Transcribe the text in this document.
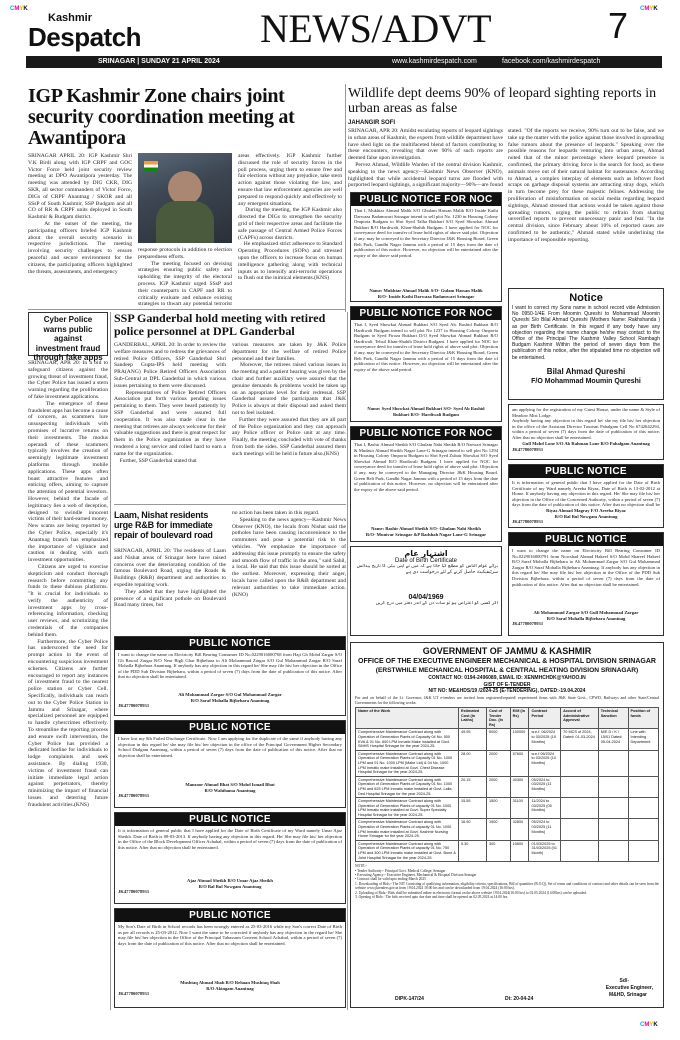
CMYK
Kashmir
Despatch	NEWS/ADVT	7
SRINAGAR | SUNDAY 21 APRIL 2024	www.kashmirdespatch.com	facebook.com/kashmirdespatch
IGP Kashmir Zone chairs joint security coordination meeting at Awantipora
SRINAGAR APRIL 20: IGP Kashmir Shri V.K Birdi along with IGP CRPF and GOC Victor Force held joint security review meeting at DPO Awantipora yesterday. The meeting was attended by DIG CKR, DIG SKR, all sector commanders of Victor Force, DIGs of CRPF Anantnag / SKOR and all SSsP of South Kashmir, SSP Budgam and all CO of RR & CRPF units deployed in South Kashmir & Budgam district.
At the outset of the meeting, the participating officers briefed IGP Kashmir about the overall security scenario in respective jurisdictions. The meeting involving security challenges to ensure peaceful and secure environment for the citizens, the participating officers highlighted the threats, assessments, and emergency
response protocols in addition to election preparedness efforts.
The meeting focused on devising strategies ensuring public safety and upholding the integrity of the electoral process. IGP Kashmir urged SSsP and their counterparts in CAPF and RR to critically evaluate and enhance existing strategies to thwart any potential terrorist
areas effectively. IGP Kashmir further discussed the role of security forces in the poll process, urging them to ensure free and fair elections without any prejudice, take stern action against those violating the law, and ensure that law enforcement agencies are well prepared to respond quickly and effectively to any emergent situations.
During the meeting, the IGP Kashmir also directed the DIGs to strengthen the security grid of their respective areas and facilitate the safe passage of Central Armed Police Forces (CAPFs) across districts.
He emphasized strict adherence to Standard Operating Procedures (SOPs) and stressed upon the officers to increase focus on human intelligence gathering along with technical inputs as to intensify anti-terrorist operations to flush out the inimical elements.(KNS)
Wildlife dept deems 90% of leopard sighting reports in urban areas as false
JAHANGIR SOFI
SRINAGAR, APR 20: Amidst escalating reports of leopard sightings in urban areas of Kashmir, the experts from wildlife department have have shed light on the multifaceted blend of factors contributing to these encounters, revealing that over 90% of such reports are deemed false upon investigation.
Pervez Ahmad, Wildlife Warden of the central division Kashmir, speaking to the news agency—Kashmir News Observer (KNO), highlighted that while accidental leopard turns are flooded with purported leopard sightings, a significant majority—90%—are found

stated. "Of the reports we receive, 90% turn out to be false, and we take up the matter with the police against those involved in spreading false rumors about the presence of leopards." Speaking over the possible reasons for leopards venturing into urban areas, Ahmad noted that of the minor percentage where leopard presence is confirmed, the primary driving force is the search for food, as these animals move out of their natural habitat for sustenance. According to Ahmad, a complex interplay of elements such as leftover food scraps on garbage disposal systems are attracting stray dogs, which in turn become prey for these majestic felines. Addressing the proliferation of misinformation on social media regarding leopard sightings, Ahmad stressed that actions would be taken against those spreading rumors, urging the public to refrain from sharing unverified reports to prevent unnecessary panic and fear. "In the central division, since February about 10% of reported cases are confirmed to be authentic," Ahmad stated while underlining the importance of responsible reporting.
PUBLIC NOTICE FOR NOC
That I, Mukhtar Ahmad Malik S/O Ghulam Hassan Malik R/O Inside Kathi Darwaza Badamwari Srinagar intend to sell plot No. 1230 in Housing Colony Omporia Budgam to Shri Syed Talha Bukhari S/O Syed Showkat Ahmad Bukhari R/O Hardiwali, Khan-Shahib Budgam. I have applied for NOC for conveyance deed for transfer of lease hold rights of above said plot. Objection if any, may be conveyed to the Secretary Director J&K Housing Board, Green Belt Park, Gandhi Nagar Jammu with a period of 15 days from the date of publication of this notice. However, no objection will be entertained after the expiry of the above said period.
Name: Mukhtar Ahmad Malik S/O- Gulam Hassan Malik
R/O- Inside Kathi Darwaza Badamwari Srinagar
PUBLIC NOTICE FOR NOC
That I, Syed Showkat Ahmad Bukhari S/O Syed Ab. Rashid Bukhari R/O Hardiwali Budgam intend to sell plot No 1237 in Housing Colony Omporia Budgam to Syed Firoza Bukhari D/O Syed Showkat Ahmad Bukhari R/O Hardiwali, Tehsil Khan-Shahib District Budgam. I have applied for NOC for conveyance deed for transfer of lease hold rights of above said plot. Objection if any, may be conveyed to the Secretary Director J&K Housing Board, Green Belt Park, Gandhi Nagar Jammu with a period of 15 days from the date of publication of this notice. However, no objection will be entertained after the expiry of the above said period.
Name: Syed Showkat Ahmad Bukhari S/O- Syed Ab Rashid
Bukhari R/O- Hardiwali Budgam
PUBLIC NOTICE FOR NOC
That I, Bashir Ahmad Sheikh S/O Ghulam Nabi Sheikh R/O Narwari Srinagar & Mudasir Ahmad Sheikh Nagar Lane-G Srinagar intend to sell plot No 1294 in Housing Colony Omporia Budgam to Shri Syed Zubair Showkat S/O Syed Showkat Ahmad R/O Hardiwali Budgam. I have applied for NOC for conveyance deed for transfer of lease hold rights of above said plot. Objection if any, may be conveyed to the Managing Director J&K Housing Board, Green Belt Park, Gandhi Nagar Jammu with a period of 15 days from the date of publication of this notice. However, no objection will be entertained after the expiry of the above said period.
Name: Bashir Ahmad Sheikh S/O- Ghulam Nabi Sheikh
R/O- Munivar Srinagar &P Badshah Nagar Lane-G Srinagar
اشتہار عام
Date of Birth Certificate
برائے عوام الناس کو مطلع کیا جاتا ہے کہ میں نے اپنی بیٹی کا تاریخ پیدائش سرٹیفیکیٹ حاصل کرنے کے لئے درخواست دی ہے
04/04/1969
اگر کسی کو اعتراض ہو تو سات دن کے اندر دفتر میں درج کریں
Notice
I want to correct my Sons name in school record vide Admission No 0950-1/4E From Moomin Qureshi to Mohammad Moomin Qureshi S/o Bilal Ahmad Qureshi (Mothers Name: Rakhshanda ) as per Birth Certificate. In this regard if any body have any objection regarding the name change he/she may contact to the Office of the Principal The Kashmir Valley School Rambagh Budgam Kashmir Within the period of seven days from the publication of this notice, after the stipulated time no objection will be entertained.
Bilal Ahmad Qureshi
F/O Mohammad Moumin Qureshi
am applying for the registration of my Guest House, under the name & Style of Meadow Mist Lodge.
Anybody having any objection in this regard he/ she my file his/ her objection in the office of the Assistant Director Tourism Pahalgam Cell No 6742642294, within a period of seven (7) days from the date of publication of this notice. After that no objection shall be entertained.
Gull Mohd Lone S/O Ab Rahman Lone R/O Pahalgam Anantnag
JK47780078931
PUBLIC NOTICE
It is information of general public that I have applied for the Date of Birth Certificate of my Ward namely Areeba Riyaz, Date of Birth is 13-02-2012 at Home. If anybody having any objection in this regard. He/ She may file his/ her objection in the Office of the Concerned Authority, within a period of seven (7) days from the date of publication of this notice. After that no objection shall be
Riyaz Ahmad Magray F/O Areeba Riyaz
R/O Bal Bul Nowgam Anantnag
JK47780078931
PUBLIC NOTICE
I want to change the name on Electricity Bill Bearing Consumer ID No.0229016000791 from Nowshad Ahmad Hakeel S/O Mohd Shareef Hakeel R/O Saraf Mohalla Bijbehara to Ali Mohammad Zargar S/O Gul Mohammad Zargar R/O Saraf Mohalla Bijbehara Anantnag. If anybody has any objection in this regard he/ She may file his/ her objection in the Office of the PDD Sub Division Bijbehara, within a period of seven (7) days from the date of publication of this notice. After that no objection shall be entertained.
Ali Mohammad Zargar S/O Gull Mohammad Zargar
R/O Saraf Mohalla Bijbehara Anantnag
JK47780078931
Cyber Police warns public against investment fraud through fake apps
SRINAGAR, APR 20: In a bid to safeguard citizens against the growing threat of investment fraud, the Cyber Police has issued a stern warning regarding the proliferation of fake investment applications.
The emergence of these fraudulent apps has become a cause of concern, as scammers lure unsuspecting individuals with promises of lucrative returns on their investments. The modus operandi of these scammers typically involves the creation of seemingly legitimate investment platforms through mobile applications. These apps often boast attractive features and enticing offers, aiming to capture the attention of potential investors. However, behind the facade of legitimacy lies a web of deception, designed to swindle innocent victims of their hard-earned money. New scams are being reported by the Cyber Police, especially it's Anantnag branch has emphasized the importance of vigilance and caution in dealing with such investment opportunities.
Citizens are urged to exercise skepticism and conduct thorough research before committing any funds to these dubious platforms. "It is crucial for individuals to verify the authenticity of investment apps by cross-referencing information, checking user reviews, and scrutinizing the credentials of the companies behind them.
Furthermore, the Cyber Police has underscored the need for prompt action in the event of encountering suspicious investment schemes. Citizens are further encouraged to report any instances of investment fraud to the nearest police station or Cyber Cell. Specifically, individuals can reach out to the Cyber Police Station in Jammu and Srinagar, where specialized personnel are equipped to handle cybercrimes effectively. To streamline the reporting process and ensure swift intervention, the Cyber Police has provided a dedicated hotline for individuals to lodge complaints and seek assistance. By dialing 1930, victims of investment fraud can initiate immediate legal action against perpetrators, thereby minimizing the impact of financial losses and deterring future fraudulent activities.(KNS)
SSP Ganderbal hold meeting with retired police personnel at DPL Ganderbal
GANDERBAL, APRIL 20: In order to review the welfare measures and to redress the grievances of retired Police Officers, SSP Ganderbal Shri Sandeep Gupta-IPS held meeting with PRA(ANG) Police Retired Officers Association Sub-Central at DPL Ganderbal in which various issues pertaining to them were discussed.
Representatives of Police Retired Officers Association put forth various pending issues pertaining to them. They were heard patiently by SSP Ganderbal and were assured full cooperation. It was also made clear in the meeting that retirees are always welcome for their valuable suggestions and there is great respect for them in the Police organization as they have rendered a long service and rolled hard to earn a name for the organization.
Further, SSP Ganderbal stated that
various measures are taken by J&K Police department for the welfare of retired Police personnel and their families.
Moreover, the retirees raised various issues in the meeting and a patient hearing was given by the chair and further auxiliary were assured that the genuine demands & problems would be taken up on an appropriate level for their redressal. SSP Ganderbal assured the participants that J&K Police is always at their disposal and asked them not to feel isolated.
Further they were assured that they are all part of the Police organization and they can approach any Police officer or Police unit at any time. Finally, the meeting concluded with vote of thanks from both the sides. SSP Ganderbal assured them such meetings will be held in future also.(KNS)
Laam, Nishat residents urge R&B for immediate repair of boulevard road
SRINAGAR, APRIL 20: The residents of Laam and Nishat areas of Srinagar here have raised concerns over the deteriorating condition of the famous Boulevard Road, urging the Roads & Buildings (R&B) department and authorities to expedite repairing work.
They added that they have highlighted the presence of a significant pothole on Boulevard Road many times, but
no action has been taken in this regard.
Speaking to the news agency—Kashmir News Observer (KNO), the locals from Nishat said the potholes have been causing inconvenience to the commuters and pose a potential risk to the vehicles. "We emphasize the importance of addressing this issue promptly to ensure the safety and smooth flow of traffic in the area," said Sahil, a local. He said that this issue should be sorted at the earliest. Moreover, expressing their anger, locals have called upon the R&B department and relevant authorities to take immediate action.(KNO)
PUBLIC NOTICE
I want to change the name on Electricity Bill Bearing Consumer ID No.0229016000768 from Haji Gh Mohd Zargar S/O Gh Rasool Zargar R/O Near Bigli Ghar Bijbehara to Ali Mohammad Zargar S/O Gul Mohammad Zargar R/O Saraf Mohalla Bijbehara Anantnag. If anybody has any objection in this regard he/ She may file his/ her objection in the Office of the PDD Sub Division Bijbehara, within a period of seven (7) days from the date of publication of this notice. After that no objection shall be entertained.
Ali Mohammad Zargar S/O Gul Mohammad Zargar
R/O Saraf Mohalla Bijbehara Anantnag
JK47780078931
PUBLIC NOTICE
I have lost my 8th Failed Discharge Certificate. Now I am applying for the duplicate of the same if anybody having any objection in this regard he/ she may file his/ her objection in the office of the Principal Government Higher Secondary School Dialgam Anantnag, within a period of seven (7) days from the date of publication of this notice. After that no objection shall be entertained.
Manzoor Ahmad Bhat S/O Mohd Ismail Bhat
R/O Wahihama Anantnag
JK47780078931
PUBLIC NOTICE
It is information of general public that I have applied for the Date of Birth Certificate of my Ward namely Umar Ajaz Sheikh. Date of Birth is 08-03-2013. If anybody having any objection in this regard. He/ She may file his/ her objection in the Office of the Block Development Officer Achabal, within a period of seven (7) days from the date of publication of this notice. After that no objection shall be entertained.
Ajaz Ahmad Sheikh R/O Umar Ajaz Sheikh
R/O Bal Bul Nowgam Anantnag
JK47780078931
PUBLIC NOTICE
My Son's Date of Birth in School records has been wrongly entered as 25-03-2016 while my Son's correct Date of Birth as per all records is 25-03-2012. Now I want the same to be corrected if anybody has any objection in the regard he/ She may file his/ her objection in the Office of the Principal Tabassum Convent School Achabal, within a period of seven (7) days from the date of publication of this notice. After that no objection shall be entertained.
Mushtaq Ahmad Shah R/O Rehaan Mushtaq Shah
R/O Akingam Anantnag
JK47780078931
GOVERNMENT OF JAMMU & KASHMIR
OFFICE OF THE EXECUTIVE ENGINEER MECHANICAL & HOSPITAL DIVISION SRINAGAR
(ERSTWHILE MECHANICAL HOSPITAL & CENTRAL HEATING DIVISION SRINAGAR)
CONTACT NO: 0194-2496089, EMAIL ID: XENMHCHDK@YAHOO.IN
GIST OF E-TENDER
NIT NO: ME&HDS/19 /2024-25 (E-TENDERING), DATED:-19.04.2024
For and on behalf of the Lt. Governor, J&K UT e-tenders are invited from registered/reputed/ experienced firms with J&K State Govt., CPWD, Railways and other State/Central Governments for the following works:
Name of the Work	Estimated Cost (In Lakhs)	Cost of Tender Doc. (In Rs)	E/M (In Rs)	Contract Period	Accord of Administrative Approval	Technical Sanction	Position of funds
Comprehensive Maintenance Contract along with Operation of Generation Plants of Capacity 04 No. 500 KVA & 01 No. 600 LPM Inmatic Make installed at Govt. SMHS Hospital Srinagar for the year 2024-25.	49.95	5000	100000	w.e.f. 06/2024 to 03/2025 (10 Months)	70 MCS of 2024, Dated: 01-03-2024	M/E D / K / 15/01 Dated: 05-04-2024	Line with Intending Department
Comprehensive Maintenance Contract along with Operation of Generation Plants of Capacity 01 No. 1000 LPM and 01 No. 1000 LPM (Make Ltd) & 04 No. 1000 LPM Inmatic make installed at Govt. Chest Disease Hospital Srinagar for the year 2024-25.	28.00	2000	57600	w.e.f 06/2024 to 03/2025 (10 Months)			
Comprehensive Maintenance Contract along with Operation of Generation Plants of Capacity 01 No. 1000 LPM and 625 LPM Inmatic make installed at Govt. Lalla Ded Hospital Srinagar for the year 2024-25.	20.15	2000	40300	05/2024 to 03/2025 (11 Months)			
Comprehensive Maintenance Contract along with Operation of Generation Plants of capacity 01 No. 1000 LPM Inmatic make installed at Govt. Super Specialty Hospital Srinagar for the year 2024-25.	15.55	1500	31100	11/2024 to 03/2025 (05 Months)			
Comprehensive Maintenance Contract along with Operation of Generation Plants of capacity 01 No. 1000 LPM Inmatic make installed at Govt. Kashmir Nursing Home Srinagar for the year 2024-25.	16.90	1500	32800	05/2024 to 03/2025 (11 Months)			
Comprehensive Maintenance Contract along with Operation of Generation Plants of capacity 01 No. 750 LPM and 300 LPM Inmatic make installed at Govt. Bone & Joint Hospital Srinagar for the year 2024-25.	5.30	300	10600	01/03/2025 to 31/03/2025 (01 Month)			
NOTE:-
• Tender Authority:- Principal Govt. Medical College, Srinagar
• Executing Agency:- Executive Engineer, Mechanical & Hospital Division Srinagar
• Contract shall be valid upto ending March 2025
1. Downloading of Bids:- The NIT Consisting of qualifying information, eligibility criteria, specifications, Bill of quantities (B.O.Q), Set of terms and conditions of contract and other details can be seen from the website www.jktenders.gov.in from 19.04.2024 18:00 hrs and can be downloaded from 19.04.2024 (16:00 hrs).
2. Uploading of Bids:- Bids shall be submitted online in electronic format on the above website 19.04.2024(16:00 hrs) to 02.05.2024 (14:00hrs) can be uploaded.
3. Opening of Bids:- The bids received upto due date and time shall be opened on 02.05.2024 at 14:00 hrs.
DIPK-147/24	Dt: 20-04-24
Sd/-
Executive Engineer,
M&HD, Srinagar
CMYK
CMYK
